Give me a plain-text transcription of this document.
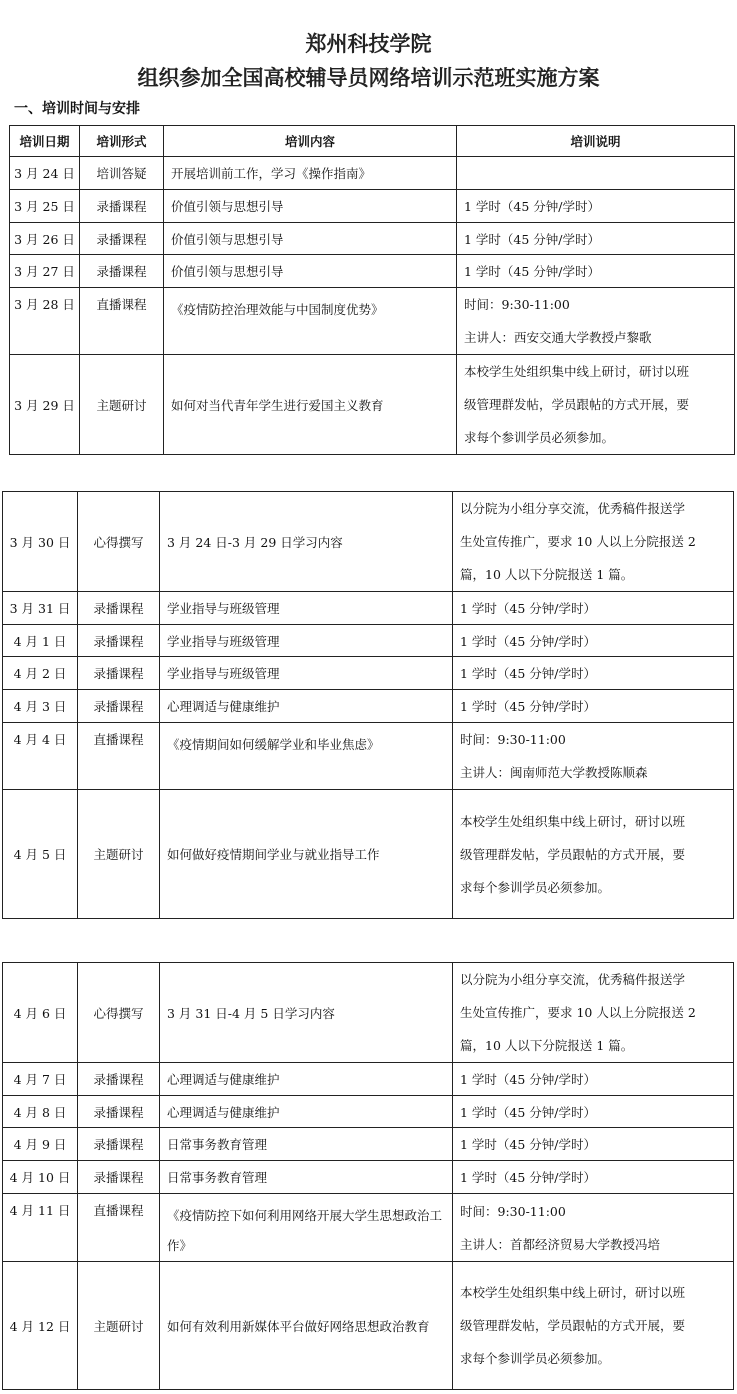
郑州科技学院
组织参加全国高校辅导员网络培训示范班实施方案
一、培训时间与安排
培训日期	培训形式	培训内容	培训说明
3 月 24 日	培训答疑	开展培训前工作，学习《操作指南》	
3 月 25 日	录播课程	价值引领与思想引导	1 学时（45 分钟/学时）

3 月 26 日	录播课程	价值引领与思想引导	1 学时（45 分钟/学时）

3 月 27 日	录播课程	价值引领与思想引导	1 学时（45 分钟/学时）

3 月 28 日	直播课程	《疫情防控治理效能与中国制度优势》	时间：9:30-11:00
主讲人：西安交通大学教授卢黎歌

3 月 29 日	主题研讨	如何对当代青年学生进行爱国主义教育	本校学生处组织集中线上研讨，研讨以班
级管理群发帖，学员跟帖的方式开展，要
求每个参训学员必须参加。
3 月 30 日	心得撰写	3 月 24 日-3 月 29 日学习内容	以分院为小组分享交流，优秀稿件报送学
生处宣传推广，要求 10 人以上分院报送 2
篇，10 人以下分院报送 1 篇。

3 月 31 日	录播课程	学业指导与班级管理	1 学时（45 分钟/学时）

4 月 1 日	录播课程	学业指导与班级管理	1 学时（45 分钟/学时）

4 月 2 日	录播课程	学业指导与班级管理	1 学时（45 分钟/学时）

4 月 3 日	录播课程	心理调适与健康维护	1 学时（45 分钟/学时）

4 月 4 日	直播课程	《疫情期间如何缓解学业和毕业焦虑》	时间：9:30-11:00
主讲人：闽南师范大学教授陈顺森

4 月 5 日	主题研讨	如何做好疫情期间学业与就业指导工作	本校学生处组织集中线上研讨，研讨以班
级管理群发帖，学员跟帖的方式开展，要
求每个参训学员必须参加。
4 月 6 日	心得撰写	3 月 31 日-4 月 5 日学习内容	以分院为小组分享交流，优秀稿件报送学
生处宣传推广，要求 10 人以上分院报送 2
篇，10 人以下分院报送 1 篇。

4 月 7 日	录播课程	心理调适与健康维护	1 学时（45 分钟/学时）

4 月 8 日	录播课程	心理调适与健康维护	1 学时（45 分钟/学时）

4 月 9 日	录播课程	日常事务教育管理	1 学时（45 分钟/学时）

4 月 10 日	录播课程	日常事务教育管理	1 学时（45 分钟/学时）

4 月 11 日	直播课程	《疫情防控下如何利用网络开展大学生思想政治工作》	时间：9:30-11:00
主讲人：首都经济贸易大学教授冯培

4 月 12 日	主题研讨	如何有效利用新媒体平台做好网络思想政治教育	本校学生处组织集中线上研讨，研讨以班
级管理群发帖，学员跟帖的方式开展，要
求每个参训学员必须参加。
